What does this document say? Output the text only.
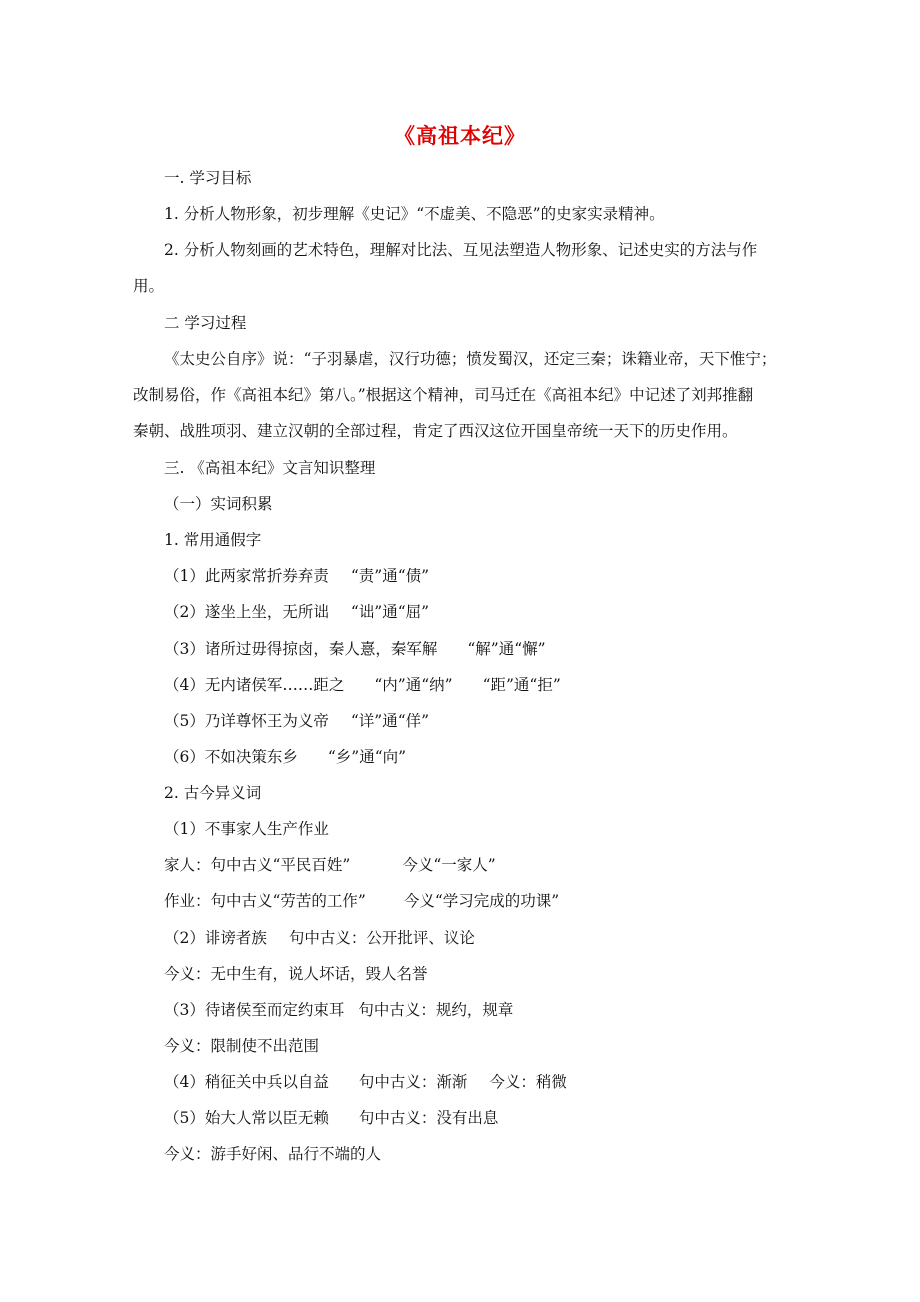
《高祖本纪》
一. 学习目标
1. 分析人物形象，初步理解《史记》“不虚美、不隐恶”的史家实录精神。
2. 分析人物刻画的艺术特色，理解对比法、互见法塑造人物形象、记述史实的方法与作
用。
二 学习过程
《太史公自序》说：“子羽暴虐，汉行功德；愤发蜀汉，还定三秦；诛籍业帝，天下惟宁；
改制易俗，作《高祖本纪》第八。”根据这个精神，司马迁在《高祖本纪》中记述了刘邦推翻
秦朝、战胜项羽、建立汉朝的全部过程，肯定了西汉这位开国皇帝统一天下的历史作用。
三. 《高祖本纪》文言知识整理
（一）实词积累
1. 常用通假字
（1）此两家常折券弃责 “责”通“债”
（2）遂坐上坐，无所诎 “诎”通“屈”
（3）诸所过毋得掠卤，秦人憙，秦军解 “解”通“懈”
（4）无内诸侯军……距之 “内”通“纳” “距”通“拒”
（5）乃详尊怀王为义帝 “详”通“佯”
（6）不如决策东乡 “乡”通“向”
2. 古今异义词
（1）不事家人生产作业
家人：句中古义“平民百姓”	今义“一家人”
作业：句中古义“劳苦的工作” 今义“学习完成的功课”
（2）诽谤者族 句中古义：公开批评、议论
今义：无中生有，说人坏话，毁人名誉
（3）待诸侯至而定约束耳 句中古义：规约，规章
今义：限制使不出范围
（4）稍征关中兵以自益 句中古义：渐渐 今义：稍微
（5）始大人常以臣无赖 句中古义：没有出息
今义：游手好闲、品行不端的人
